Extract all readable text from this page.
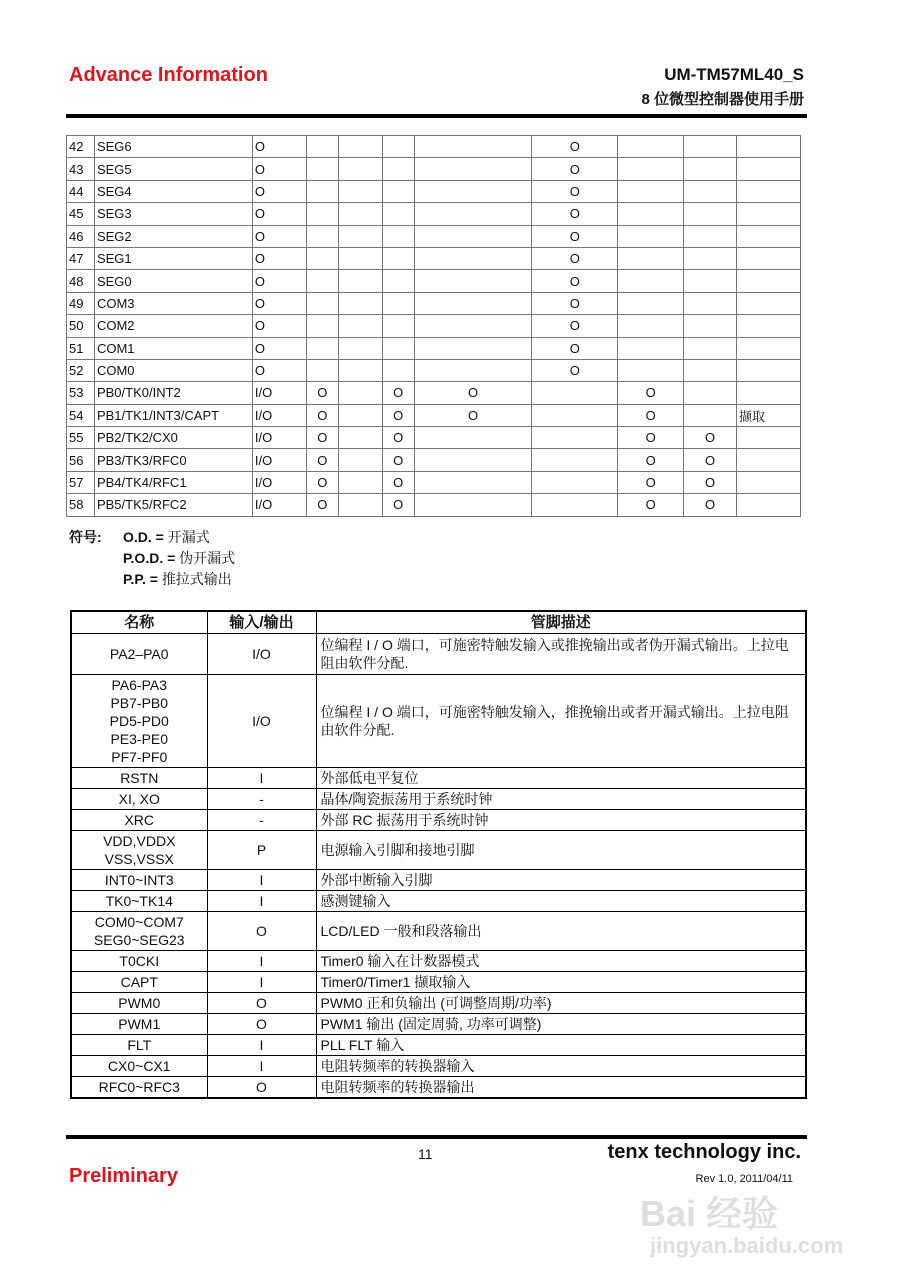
Advance Information	UM-TM57ML40_S
8 位微型控制器使用手册
42	SEG6	O					O			
43	SEG5	O					O			
44	SEG4	O					O			
45	SEG3	O					O			
46	SEG2	O					O			
47	SEG1	O					O			
48	SEG0	O					O			
49	COM3	O					O			
50	COM2	O					O			
51	COM1	O					O			
52	COM0	O					O			
53	PB0/TK0/INT2	I/O	O		O	O		O		
54	PB1/TK1/INT3/CAPT	I/O	O		O	O		O		撷取
55	PB2/TK2/CX0	I/O	O		O			O	O	
56	PB3/TK3/RFC0	I/O	O		O			O	O	
57	PB4/TK4/RFC1	I/O	O		O			O	O	
58	PB5/TK5/RFC2	I/O	O		O			O	O	
符号: O.D. = 开漏式
P.O.D. = 伪开漏式
P.P. = 推拉式输出
名称	输入/输出	管脚描述

PA2–PA0	I/O	位编程 I / O 端口，可施密特触发输入或推挽输出或者伪开漏式输出。上拉电阻由软件分配.

PA6-PA3
PB7-PB0
PD5-PD0
PE3-PE0
PF7-PF0	I/O	位编程 I / O 端口，可施密特触发输入，推挽输出或者开漏式输出。上拉电阻由软件分配.

RSTN	I	外部低电平复位

XI, XO	-	晶体/陶瓷振荡用于系统时钟

XRC	-	外部 RC 振荡用于系统时钟

VDD,VDDX
VSS,VSSX	P	电源输入引脚和接地引脚

INT0~INT3	I	外部中断输入引脚

TK0~TK14	I	感测键输入

COM0~COM7
SEG0~SEG23	O	LCD/LED 一般和段落输出

T0CKI	I	Timer0 输入在计数器模式

CAPT	I	Timer0/Timer1 撷取输入

PWM0	O	PWM0 正和负输出 (可调整周期/功率)

PWM1	O	PWM1 输出 (固定周骑, 功率可调整)

FLT	I	PLL FLT 输入

CX0~CX1	I	电阻转频率的转换器输入

RFC0~RFC3	O	电阻转频率的转换器输出
11	tenx technology inc.
Preliminary	Rev 1.0, 2011/04/11
Bai 经验
jingyan.baidu.com
